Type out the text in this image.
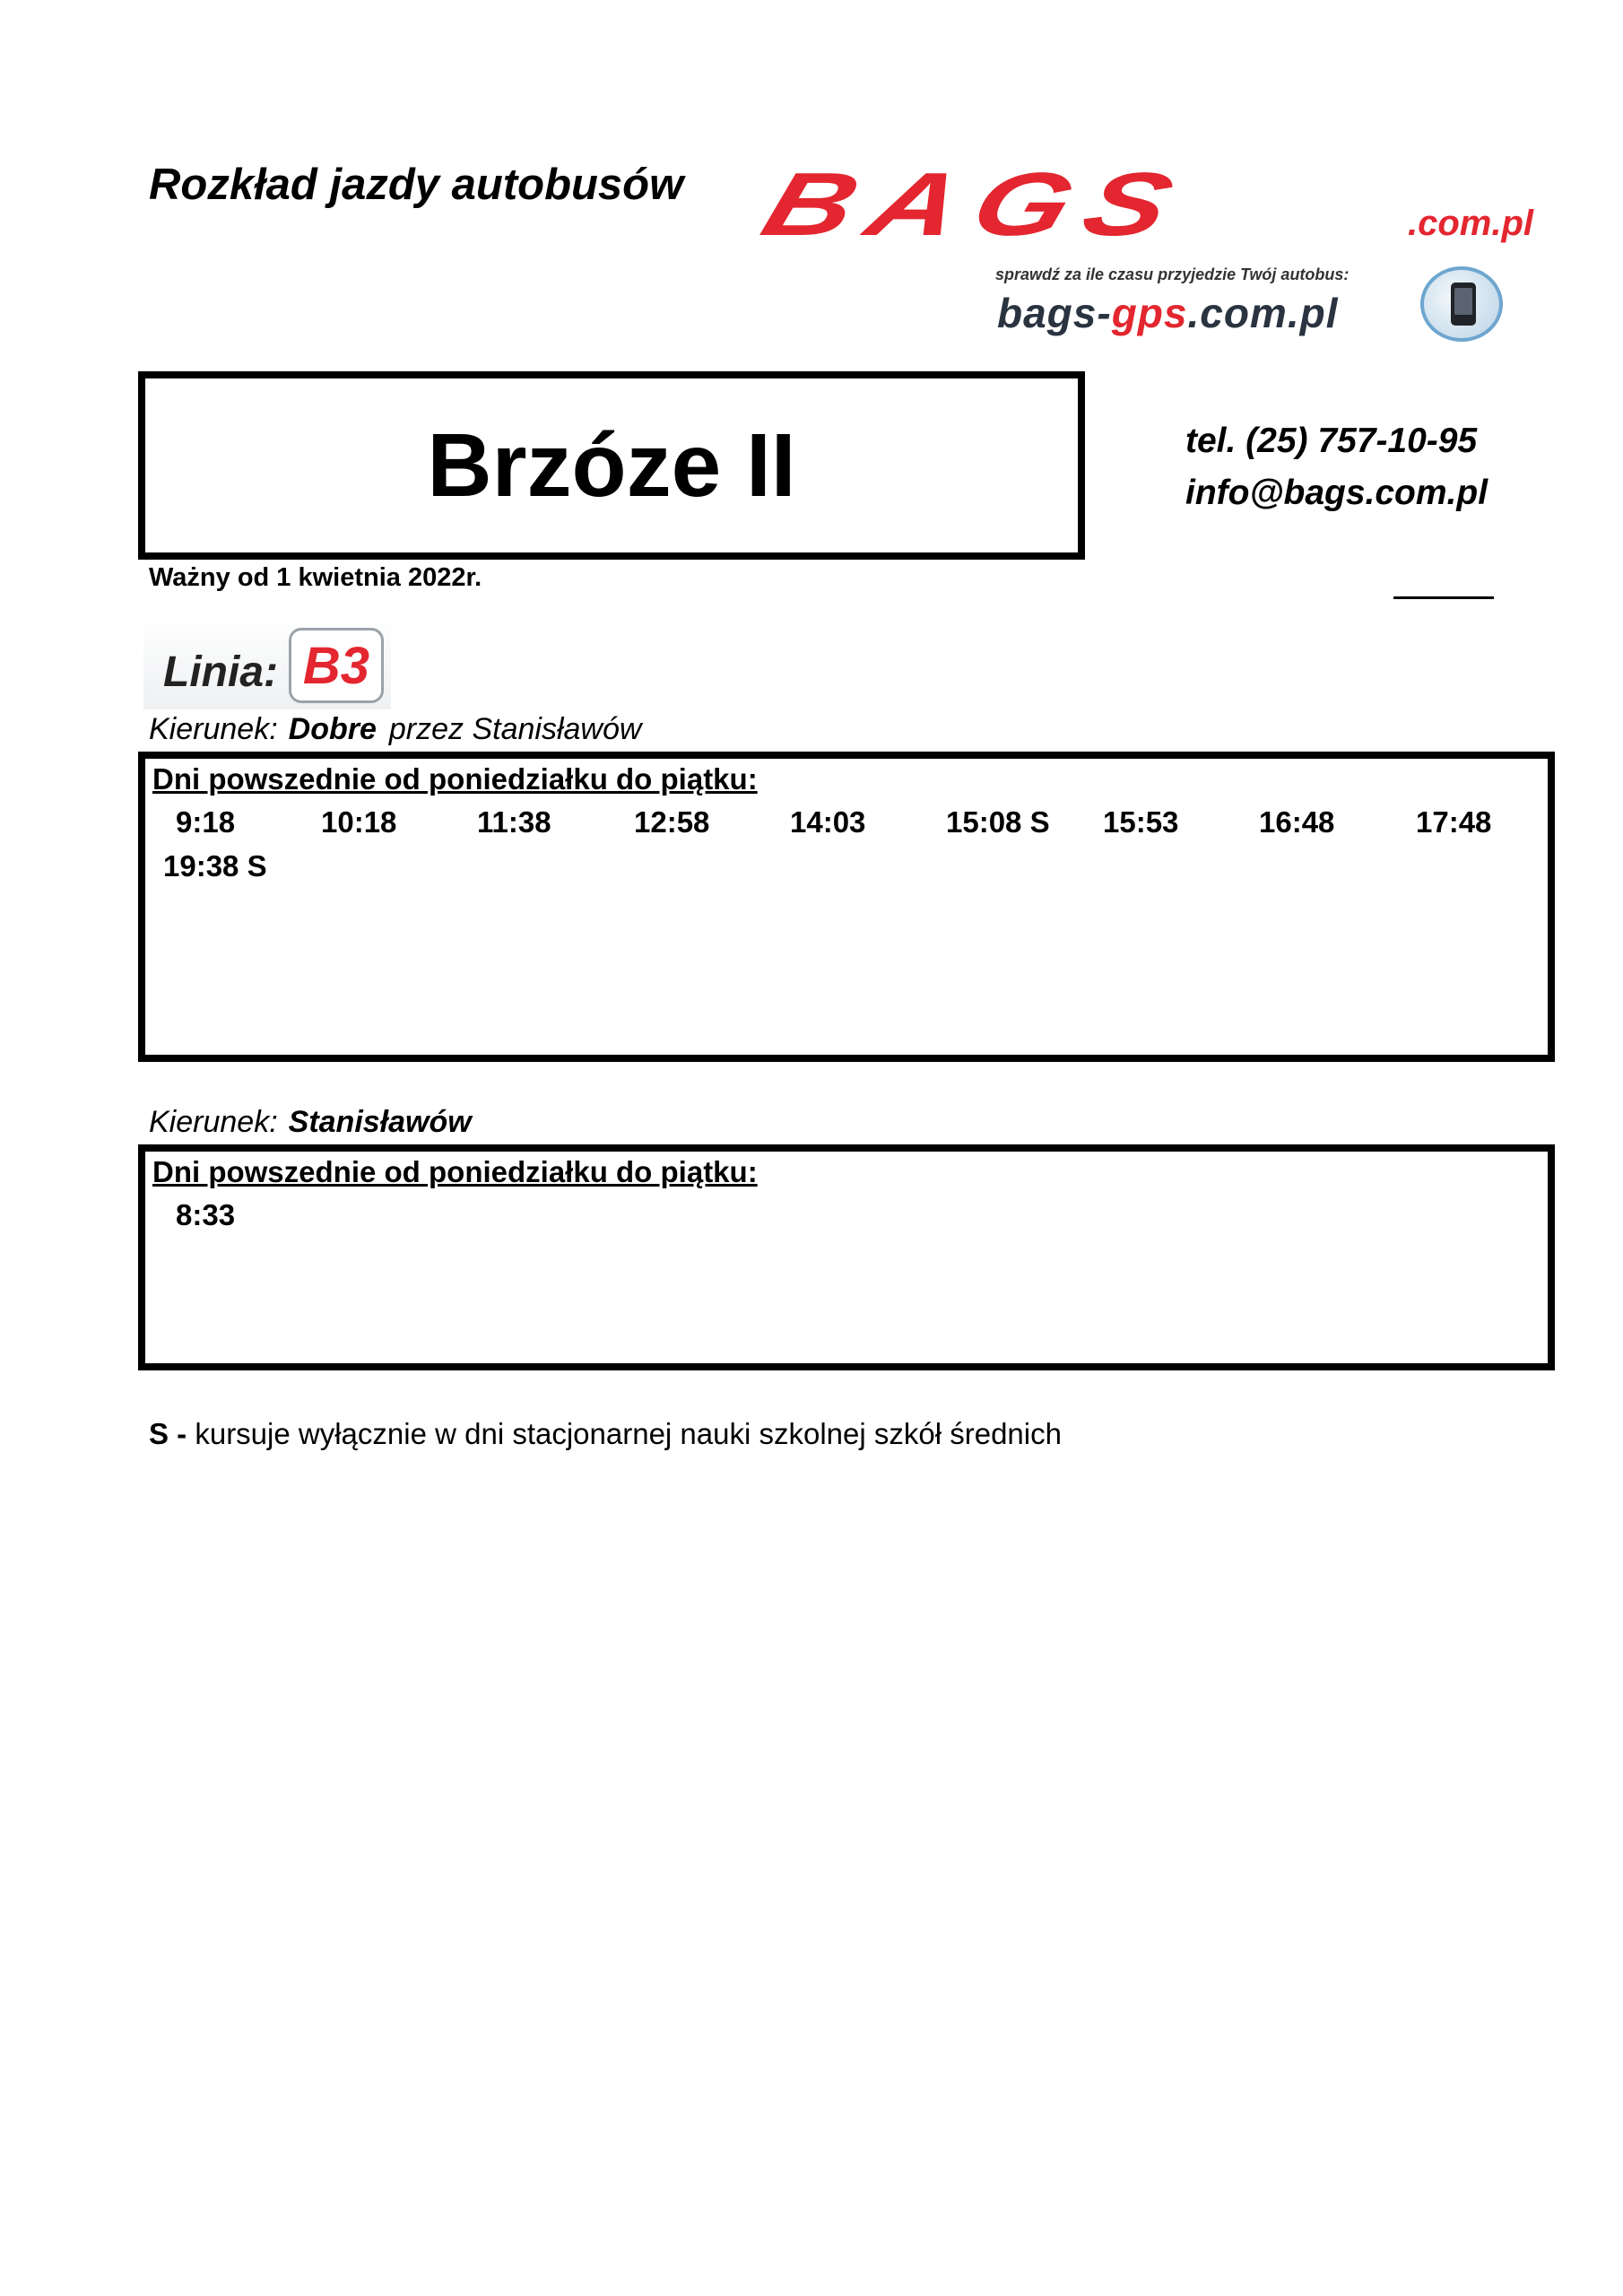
Rozkład jazdy autobusów BAGS	.com.pl
sprawdź za ile czasu przyjedzie Twój autobus:
bags-gps.com.pl
Brzóze II	tel. (25) 757-10-95
info@bags.com.pl
Ważny od 1 kwietnia 2022r.
Linia: B3
Kierunek: Dobre przez Stanisławów
Dni powszednie od poniedziałku do piątku:
9:18	10:18	11:38	12:58	14:03	15:08 S 15:53	16:48	17:48
19:38 S
Kierunek: Stanisławów
Dni powszednie od poniedziałku do piątku:
8:33
S - kursuje wyłącznie w dni stacjonarnej nauki szkolnej szkół średnich
